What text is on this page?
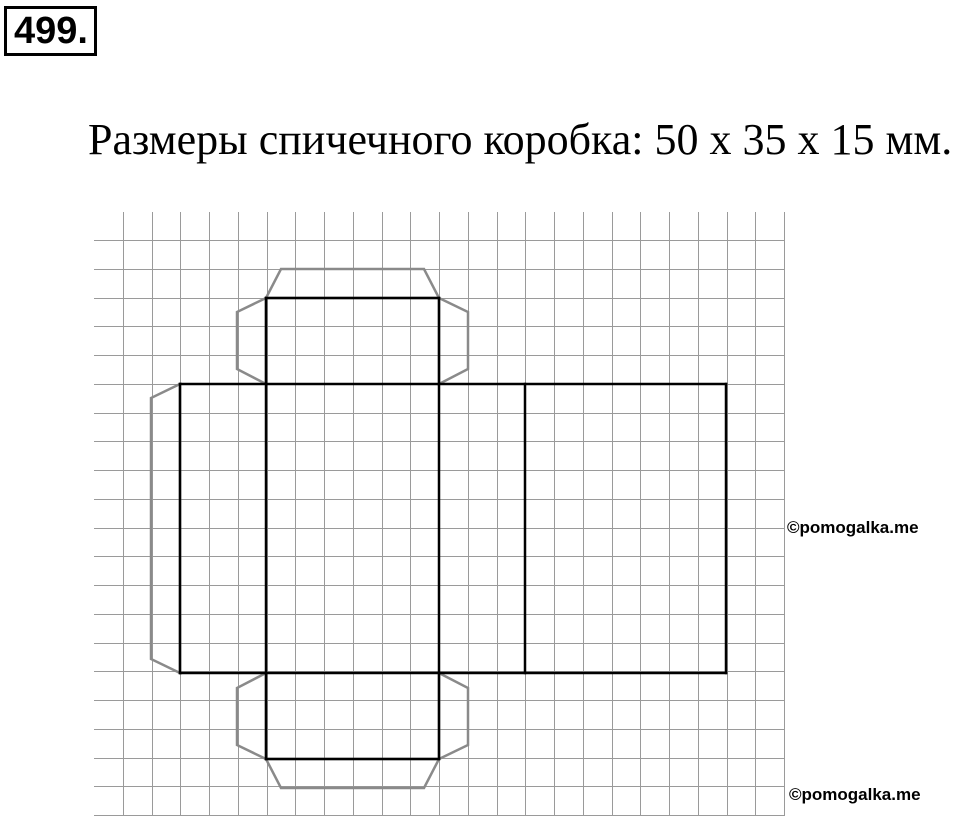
499.
Размеры спичечного коробка: 50 х 35 х 15 мм.
©pomogalka.me
©pomogalka.me
